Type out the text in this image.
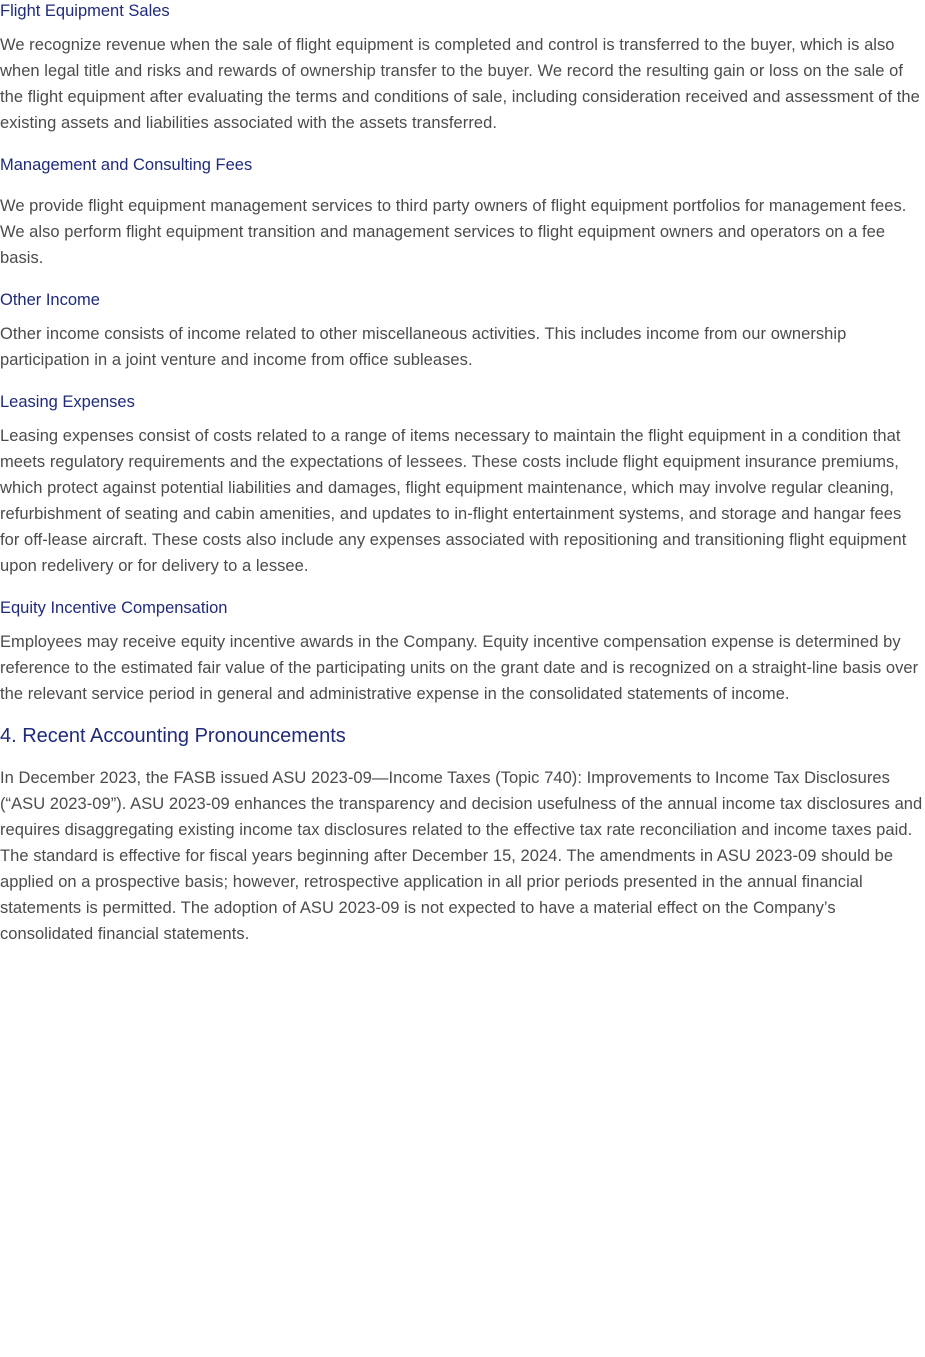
Flight Equipment Sales

We recognize revenue when the sale of flight equipment is completed and control is transferred to the buyer, which is also when legal title and risks and rewards of ownership transfer to the buyer. We record the resulting gain or loss on the sale of the flight equipment after evaluating the terms and conditions of sale, including consideration received and assessment of the existing assets and liabilities associated with the assets transferred.

Management and Consulting Fees

We provide flight equipment management services to third party owners of flight equipment portfolios for management fees. We also perform flight equipment transition and management services to flight equipment owners and operators on a fee basis.

Other Income

Other income consists of income related to other miscellaneous activities. This includes income from our ownership participation in a joint venture and income from office subleases.

Leasing Expenses

Leasing expenses consist of costs related to a range of items necessary to maintain the flight equipment in a condition that meets regulatory requirements and the expectations of lessees. These costs include flight equipment insurance premiums, which protect against potential liabilities and damages, flight equipment maintenance, which may involve regular cleaning, refurbishment of seating and cabin amenities, and updates to in-flight entertainment systems, and storage and hangar fees for off-lease aircraft. These costs also include any expenses associated with repositioning and transitioning flight equipment upon redelivery or for delivery to a lessee.

Equity Incentive Compensation

Employees may receive equity incentive awards in the Company. Equity incentive compensation expense is determined by reference to the estimated fair value of the participating units on the grant date and is recognized on a straight-line basis over the relevant service period in general and administrative expense in the consolidated statements of income.

4. Recent Accounting Pronouncements

In December 2023, the FASB issued ASU 2023-09—Income Taxes (Topic 740): Improvements to Income Tax Disclosures (“ASU 2023-09”). ASU 2023-09 enhances the transparency and decision usefulness of the annual income tax disclosures and requires disaggregating existing income tax disclosures related to the effective tax rate reconciliation and income taxes paid. The standard is effective for fiscal years beginning after December 15, 2024. The amendments in ASU 2023-09 should be applied on a prospective basis; however, retrospective application in all prior periods presented in the annual financial statements is permitted. The adoption of ASU 2023-09 is not expected to have a material effect on the Company’s consolidated financial statements.
